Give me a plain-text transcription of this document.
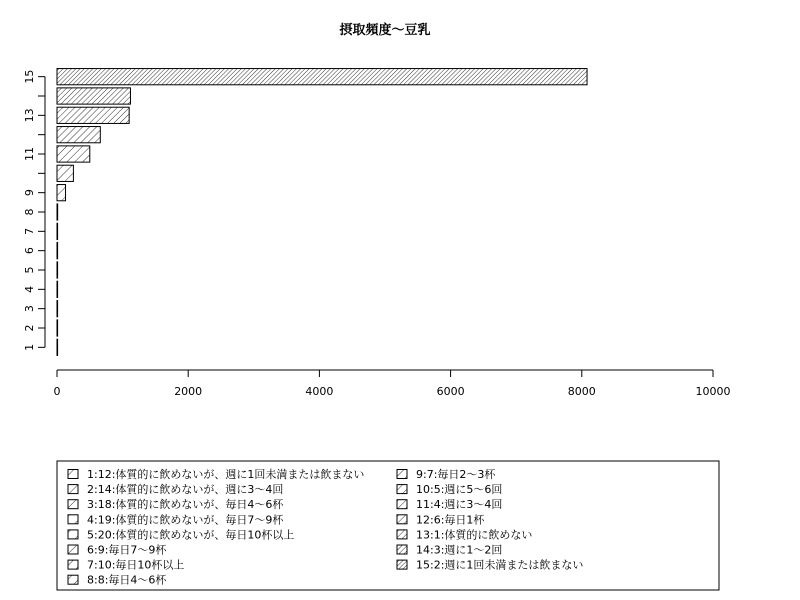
摂取頻度～豆乳
0	2000	4000	6000	8000	10000
1
2
3
4
5
6
7
8
9
11
13
15
1:12:体質的に飲めないが、週に1回未満または飲まない
2:14:体質的に飲めないが、週に3～4回
3:18:体質的に飲めないが、毎日4～6杯
4:19:体質的に飲めないが、毎日7～9杯
5:20:体質的に飲めないが、毎日10杯以上
6:9:毎日7～9杯
7:10:毎日10杯以上
8:8:毎日4～6杯
9:7:毎日2～3杯
10:5:週に5～6回
11:4:週に3～4回
12:6:毎日1杯
13:1:体質的に飲めない
14:3:週に1～2回
15:2:週に1回未満または飲まない
